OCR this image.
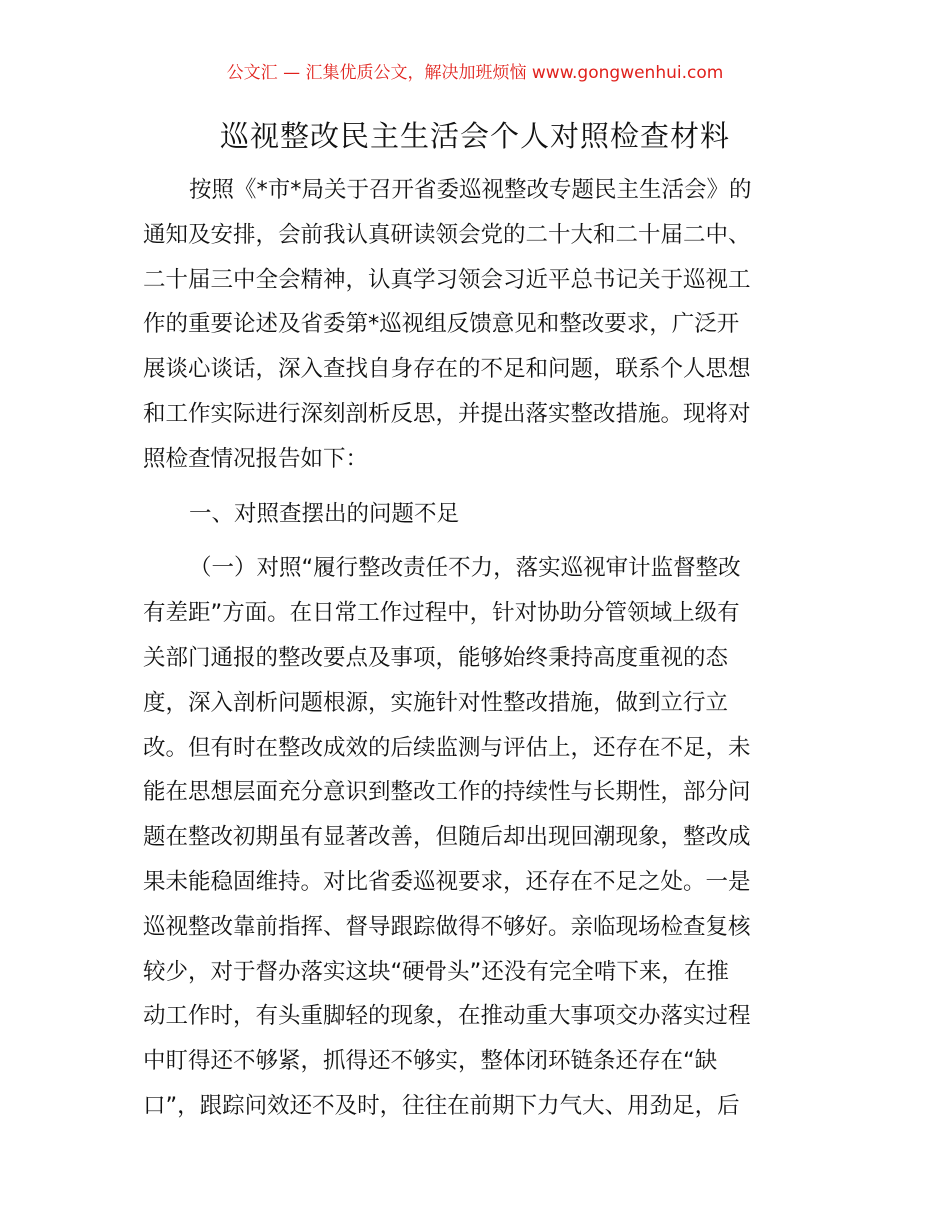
公文汇 — 汇集优质公文，解决加班烦恼 www.gongwenhui.com
巡视整改民主生活会个人对照检查材料
按照《*市*局关于召开省委巡视整改专题民主生活会》的
通知及安排，会前我认真研读领会党的二十大和二十届二中、
二十届三中全会精神，认真学习领会习近平总书记关于巡视工
作的重要论述及省委第*巡视组反馈意见和整改要求，广泛开
展谈心谈话，深入查找自身存在的不足和问题，联系个人思想
和工作实际进行深刻剖析反思，并提出落实整改措施。现将对
照检查情况报告如下：
一、对照查摆出的问题不足
（一）对照“履行整改责任不力，落实巡视审计监督整改
有差距”方面。在日常工作过程中，针对协助分管领域上级有
关部门通报的整改要点及事项，能够始终秉持高度重视的态
度，深入剖析问题根源，实施针对性整改措施，做到立行立
改。但有时在整改成效的后续监测与评估上，还存在不足，未
能在思想层面充分意识到整改工作的持续性与长期性，部分问
题在整改初期虽有显著改善，但随后却出现回潮现象，整改成
果未能稳固维持。对比省委巡视要求，还存在不足之处。一是
巡视整改靠前指挥、督导跟踪做得不够好。亲临现场检查复核
较少，对于督办落实这块“硬骨头”还没有完全啃下来，在推
动工作时，有头重脚轻的现象，在推动重大事项交办落实过程
中盯得还不够紧，抓得还不够实，整体闭环链条还存在“缺
口”，跟踪问效还不及时，往往在前期下力气大、用劲足，后
